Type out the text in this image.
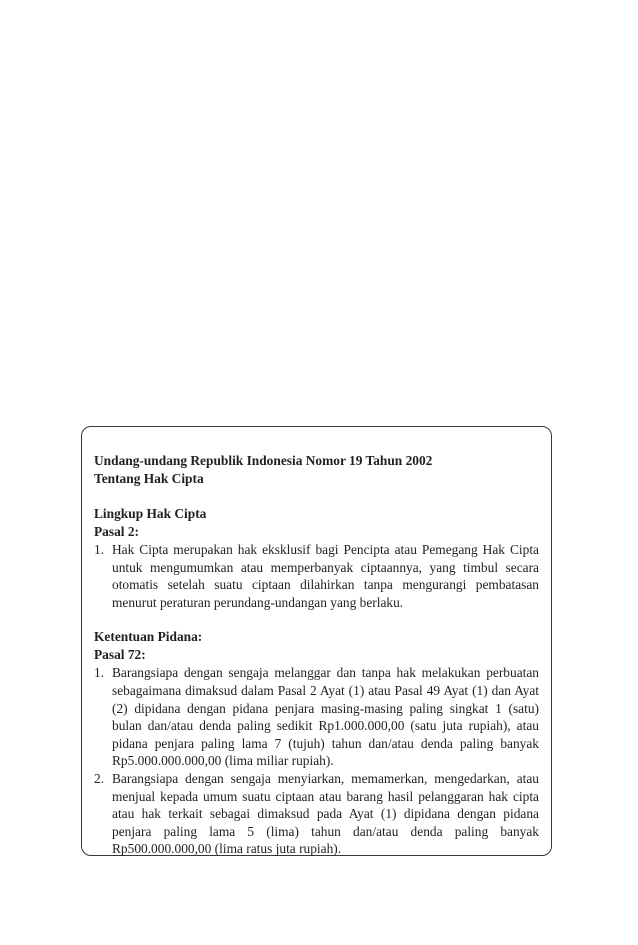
Undang-undang Republik Indonesia Nomor 19 Tahun 2002
Tentang Hak Cipta
Lingkup Hak Cipta
Pasal 2:
1. Hak Cipta merupakan hak eksklusif bagi Pencipta atau Pemegang Hak Cipta untuk mengumumkan atau memperbanyak ciptaannya, yang timbul secara otomatis setelah suatu ciptaan dilahirkan tanpa mengurangi pembatasan menurut peraturan perundang-undangan yang berlaku.
Ketentuan Pidana:
Pasal 72:
1. Barangsiapa dengan sengaja melanggar dan tanpa hak melakukan perbuatan sebagaimana dimaksud dalam Pasal 2 Ayat (1) atau Pasal 49 Ayat (1) dan Ayat (2) dipidana dengan pidana penjara masing-masing paling singkat 1 (satu) bulan dan/atau denda paling sedikit Rp1.000.000,00 (satu juta rupiah), atau pidana penjara paling lama 7 (tujuh) tahun dan/atau denda paling banyak Rp5.000.000.000,00 (lima miliar rupiah).
2. Barangsiapa dengan sengaja menyiarkan, memamerkan, mengedarkan, atau menjual kepada umum suatu ciptaan atau barang hasil pelanggaran hak cipta atau hak terkait sebagai dimaksud pada Ayat (1) dipidana dengan pidana penjara paling lama 5 (lima) tahun dan/atau denda paling banyak Rp500.000.000,00 (lima ratus juta rupiah).
